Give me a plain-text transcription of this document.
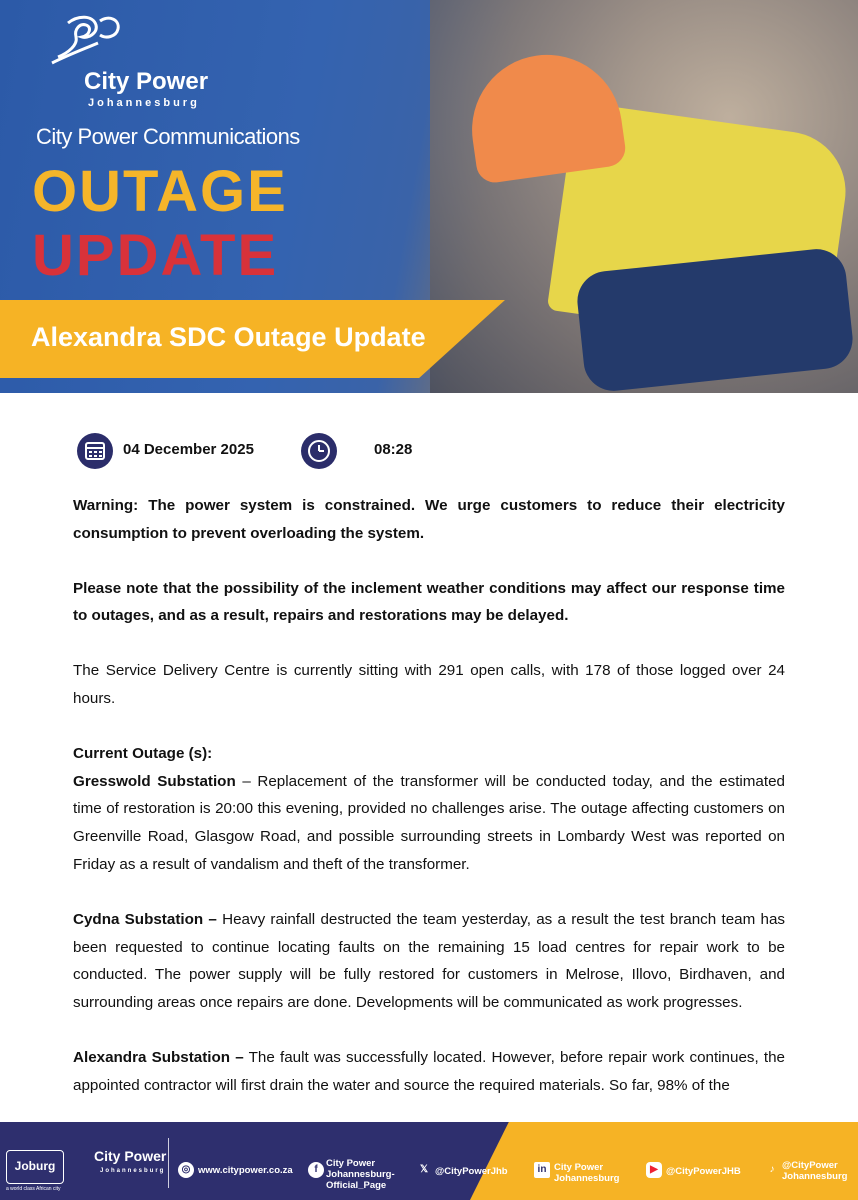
City Power
Johannesburg
City Power Communications
OUTAGE
UPDATE
Alexandra SDC Outage Update
04 December 2025	08:28

Warning: The power system is constrained. We urge customers to reduce their electricity consumption to prevent overloading the system.

Please note that the possibility of the inclement weather conditions may affect our response time to outages, and as a result, repairs and restorations may be delayed.

The Service Delivery Centre is currently sitting with 291 open calls, with 178 of those logged over 24 hours.

Current Outage (s):

Gresswold Substation – Replacement of the transformer will be conducted today, and the estimated time of restoration is 20:00 this evening, provided no challenges arise. The outage affecting customers on Greenville Road, Glasgow Road, and possible surrounding streets in Lombardy West was reported on Friday as a result of vandalism and theft of the transformer.

Cydna Substation – Heavy rainfall destructed the team yesterday, as a result the test branch team has been requested to continue locating faults on the remaining 15 load centres for repair work to be conducted. The power supply will be fully restored for customers in Melrose, Illovo, Birdhaven, and surrounding areas once repairs are done. Developments will be communicated as work progresses.

Alexandra Substation – The fault was successfully located. However, before repair work continues, the appointed contractor will first drain the water and source the required materials. So far, 98% of the

Joburg
a world class African city
City Power
Johannesburg	◎ www.citypower.co.za	f
City Power Johannesburg-Official_Page
𝕏 @CityPowerJhb	in City Power Johannesburg
▶ @CityPowerJHB	♪ @CityPower Johannesburg
